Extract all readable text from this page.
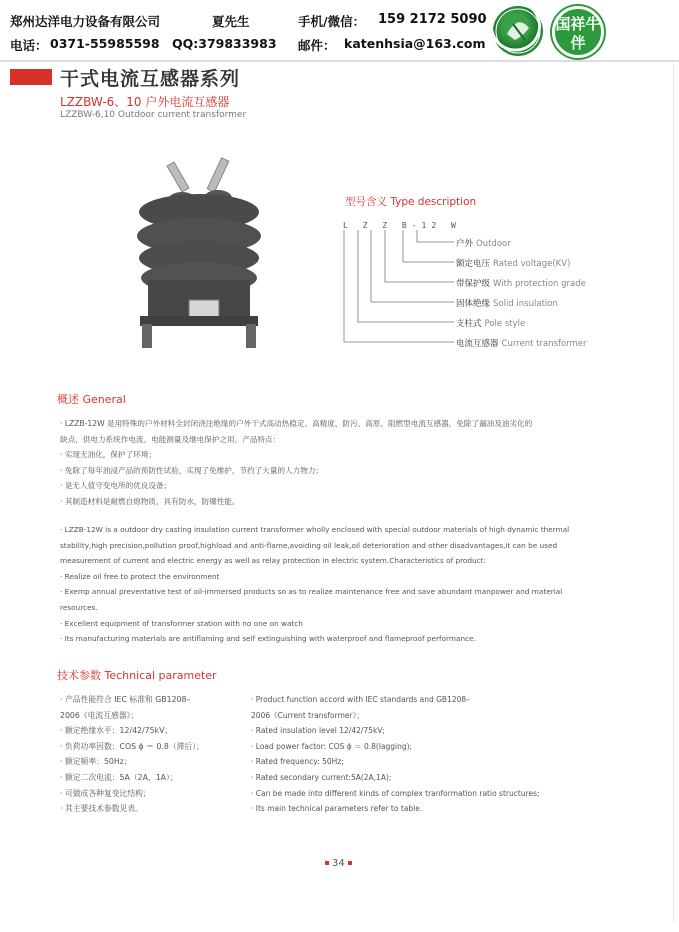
郑州达洋电力设备有限公司	夏先生	手机/微信： 159 2172 5090
电话： 0371-55985598 QQ:379833983 邮件： katenhsia@163.com
国祥牛伴
干式电流互感器系列
LZZBW-6、10 户外电流互感器
LZZBW-6,10 Outdoor current transformer
型号含义 Type description
L Z Z B-12 W
户外 Outdoor
额定电压 Rated voltage(KV)
带保护级 With protection grade
固体绝缘 Solid insulation
支柱式 Pole style
电流互感器 Current transformer
概述 General
· LZZB-12W 是用特殊的户外材料全封闭浇注绝缘的户外干式高动热稳定、高精度、防污、高原、阻燃型电流互感器，免除了漏油及油劣化的
缺点，供电力系统作电流、电能测量及继电保护之用，产品特点：
· 实现无油化，保护了环境；
· 免除了每年油浸产品的预防性试验，实现了免维护，节约了大量的人力物力；
· 是无人值守变电所的优良设备；
· 其制造材料是耐燃自熄物质，具有防水，防爆性能。
· LZZB-12W is a outdoor dry casting insulation current transformer wholly enclosed with special outdoor materials of high dynamic thermal
stability,high precision,pollution proof,highload and anti-flame,avoiding oil leak,oil deterioration and other disadvantages,it can be used
measurement of current and electric energy as well as relay protection in electric system.Characteristics of product:
· Realize oil free to protect the environment
· Exemp annual preventative test of oil-immersed products so as to realize maintenance free and save abundant manpower and material
resources.
· Excellent equipment of transformer station with no one on watch
· Its manufacturing materials are antiflaming and self extinguishing with waterproof and flameproof performance.
技术参数 Technical parameter
· 产品性能符合 IEC 标准和 GB1208–
2006《电流互感器》；
· 额定绝缘水平：12/42/75kV；
· 负荷功率因数：COS ϕ ＝ 0.8（滞后）；
· 额定频率：50Hz；
· 额定二次电流：5A（2A、1A）；
· 可做成各种复变比结构；
· 其主要技术参数见表。
· Product function accord with IEC standards and GB1208–
2006《Current transformer》；
· Rated insulation level 12/42/75kV;
· Load power factor: COS ϕ ＝ 0.8(lagging);
· Rated frequency: 50Hz;
· Rated secondary current:5A(2A,1A);
· Can be made into different kinds of complex tranformation ratio structures;
· Its main technical parameters refer to table.
34
